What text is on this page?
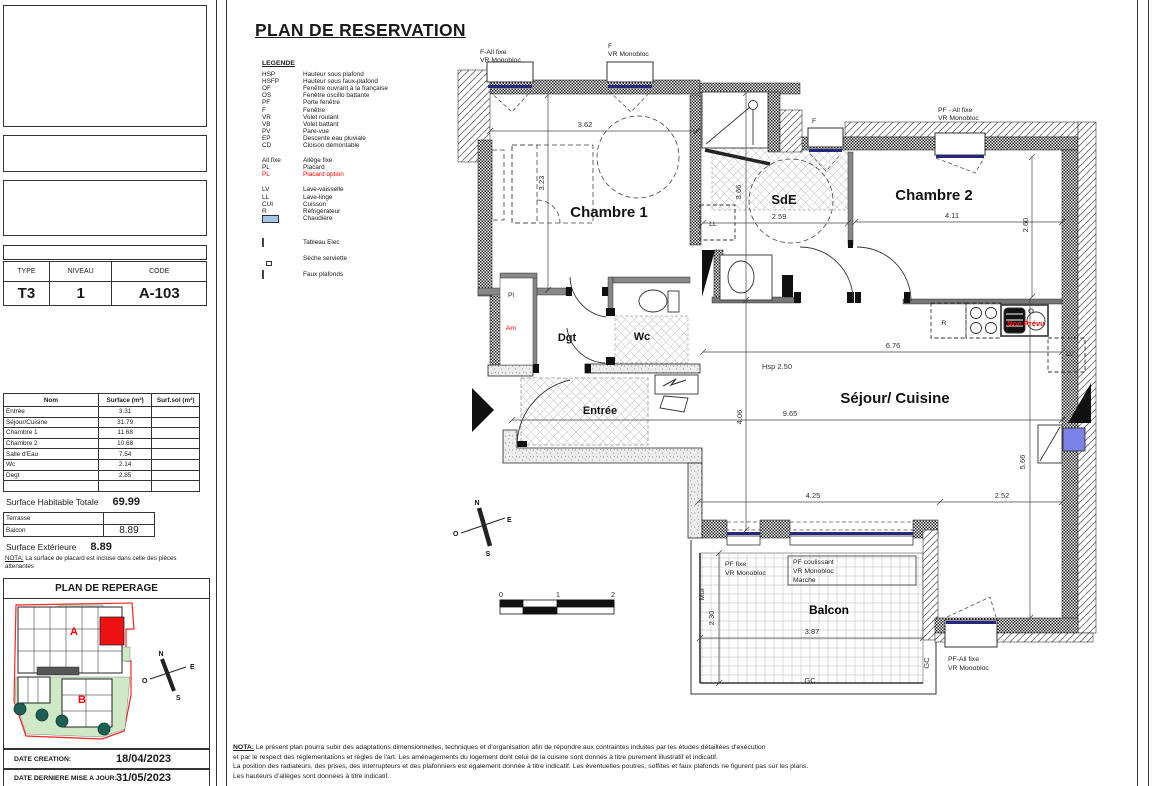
TYPE	NIVEAU	CODE
T3	1	A-103
Nom	Surface (m²)	Surf.sol (m²)
Entrée	3.31	
Séjour/Cuisine	31.79	
Chambre 1	11.68	
Chambre 2	10.68	
Salle d'Eau	7.54	
Wc	2.14	
Degt	2.85	

Surface Habitable Totale 69.99
Terrasse	
Balcon	8.89
Surface Extérieure 8.89
NOTA: La surface de placard est incluse dans celle des pièces attenantes
PLAN DE REPERAGE
A
B
N
E
O
S
DATE CREATION:	18/04/2023
DATE DERNIERE MISE A JOUR: 31/05/2023
PLAN DE RESERVATION
LEGENDE
HSP	Hauteur sous plafond
HSFP	Hauteur sous faux-plafond
OF	Fenêtre ouvrant à la française
OS	Fenêtre oscillo battante
PF	Porte fenêtre
F	Fenêtre
VR	Volet roulant
VB	Volet battant
PV	Pare-vue
EP	Descente eau pluviale
CD	Cloison démontable
All fixe	Allège fixe
PL	Placard
PL	Placard option
LV	Lave-vaisselle
LL	Lave-linge
CUI	Cuisson
R	Réfrigérateur
Chaudière
Tableau Elec
Sèche serviette
Faux plafonds
3.62
3.23
3.66
2.59	4.11
2.60
6.76
Hsp 2.50
9.65
4.06
4.25	2.52
5.66
3.87
2.30
Mur
GC
GC
Chambre 1
SdE	Chambre 2
Séjour/ Cuisine
Entrée
Dgt	Wc
Balcon
Pl
Am
LL
LV
R	Non Prévu
F-All fixe
VR Monobloc
F
VR Monobloc
F
PF - All fixe
VR Monobloc
PF fixe
VR Monobloc
PF coulissant
VR Monobloc
Marche
PF-All fixe
VR Monobloc
N
E
O
S
0	1	2
NOTA: Le présent plan pourra subir des adaptations dimensionnelles, techniques et d'organisation afin de répondre aux contraintes induites par les études détaillées d'exécution
et par le respect des réglementations et règles de l'art. Les aménagements du logement dont celui de la cuisine sont donnés à titre purement illustratif et indicatif.
La position des radiateurs, des prises, des interrupteurs et des plafonniers est également donnée à titre indicatif. Les éventuelles poutres, soffites et faux plafonds ne figurent pas sur les plans.
Les hauteurs d'allèges sont données à titre indicatif.
